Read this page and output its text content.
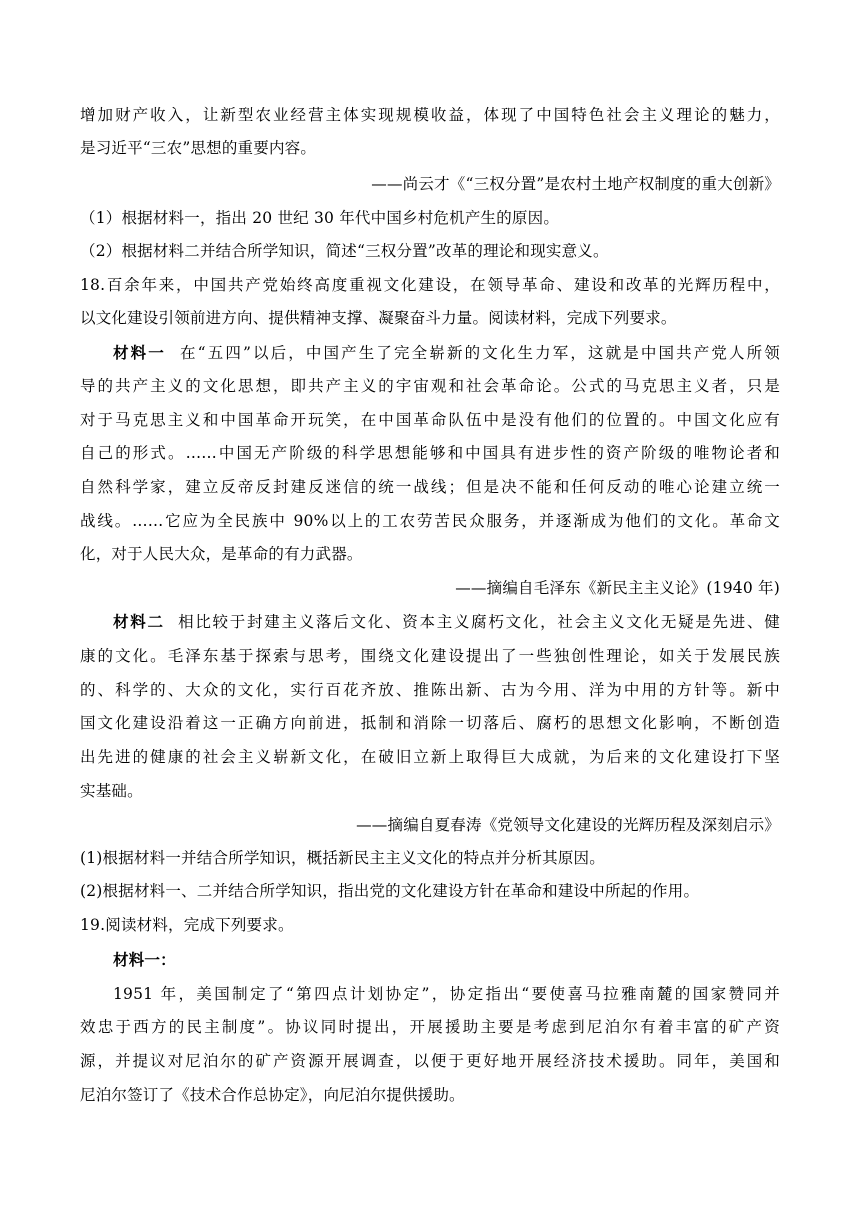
增加财产收入，让新型农业经营主体实现规模收益，体现了中国特色社会主义理论的魅力，
是习近平“三农”思想的重要内容。
——尚云才《“三权分置”是农村土地产权制度的重大创新》
（1）根据材料一，指出 20 世纪 30 年代中国乡村危机产生的原因。
（2）根据材料二并结合所学知识，简述“三权分置”改革的理论和现实意义。
18.百余年来，中国共产党始终高度重视文化建设，在领导革命、建设和改革的光辉历程中，
以文化建设引领前进方向、提供精神支撑、凝聚奋斗力量。阅读材料，完成下列要求。
材料一 在“五四”以后，中国产生了完全崭新的文化生力军，这就是中国共产党人所领
导的共产主义的文化思想，即共产主义的宇宙观和社会革命论。公式的马克思主义者，只是
对于马克思主义和中国革命开玩笑，在中国革命队伍中是没有他们的位置的。中国文化应有
自己的形式。……中国无产阶级的科学思想能够和中国具有进步性的资产阶级的唯物论者和
自然科学家，建立反帝反封建反迷信的统一战线；但是决不能和任何反动的唯心论建立统一
战线。……它应为全民族中 90%以上的工农劳苦民众服务，并逐渐成为他们的文化。革命文
化，对于人民大众，是革命的有力武器。
——摘编自毛泽东《新民主主义论》(1940 年)
材料二 相比较于封建主义落后文化、资本主义腐朽文化，社会主义文化无疑是先进、健
康的文化。毛泽东基于探索与思考，围绕文化建设提出了一些独创性理论，如关于发展民族
的、科学的、大众的文化，实行百花齐放、推陈出新、古为今用、洋为中用的方针等。新中
国文化建设沿着这一正确方向前进，抵制和消除一切落后、腐朽的思想文化影响，不断创造
出先进的健康的社会主义崭新文化，在破旧立新上取得巨大成就，为后来的文化建设打下坚
实基础。
——摘编自夏春涛《党领导文化建设的光辉历程及深刻启示》
(1)根据材料一并结合所学知识，概括新民主主义文化的特点并分析其原因。
(2)根据材料一、二并结合所学知识，指出党的文化建设方针在革命和建设中所起的作用。
19.阅读材料，完成下列要求。
材料一：
1951 年，美国制定了“第四点计划协定”，协定指出“要使喜马拉雅南麓的国家赞同并
效忠于西方的民主制度”。协议同时提出，开展援助主要是考虑到尼泊尔有着丰富的矿产资
源，并提议对尼泊尔的矿产资源开展调查，以便于更好地开展经济技术援助。同年，美国和
尼泊尔签订了《技术合作总协定》，向尼泊尔提供援助。
